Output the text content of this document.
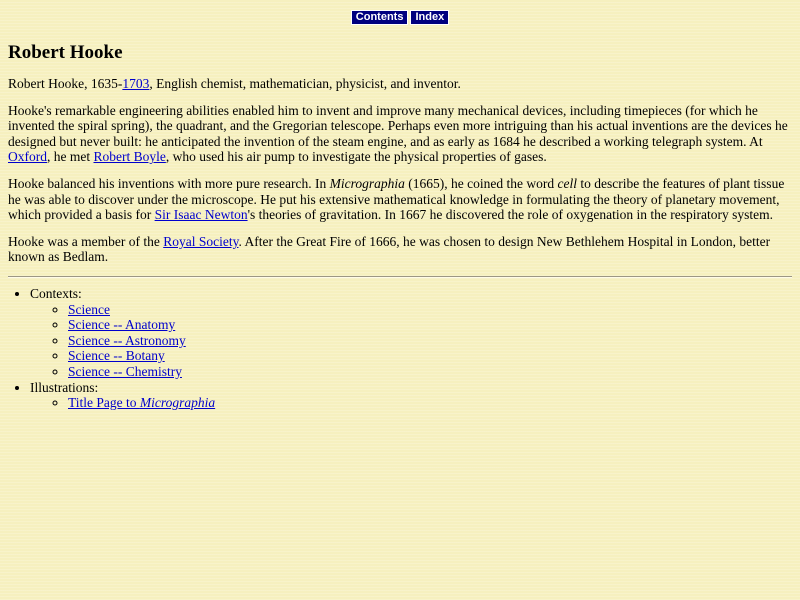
Contents Index
Robert Hooke

Robert Hooke, 1635-1703, English chemist, mathematician, physicist, and inventor.

Hooke's remarkable engineering abilities enabled him to invent and improve many mechanical devices, including timepieces (for which he invented the spiral spring), the quadrant, and the Gregorian telescope. Perhaps even more intriguing than his actual inventions are the devices he designed but never built: he anticipated the invention of the steam engine, and as early as 1684 he described a working telegraph system. At Oxford, he met Robert Boyle, who used his air pump to investigate the physical properties of gases.

Hooke balanced his inventions with more pure research. In Micrographia (1665), he coined the word cell to describe the features of plant tissue he was able to discover under the microscope. He put his extensive mathematical knowledge in formulating the theory of planetary movement, which provided a basis for Sir Isaac Newton's theories of gravitation. In 1667 he discovered the role of oxygenation in the respiratory system.

Hooke was a member of the Royal Society. After the Great Fire of 1666, he was chosen to design New Bethlehem Hospital in London, better known as Bedlam.

• Contexts:
◦ Science
◦ Science -- Anatomy
◦ Science -- Astronomy
◦ Science -- Botany
◦ Science -- Chemistry
• Illustrations:
◦ Title Page to Micrographia
